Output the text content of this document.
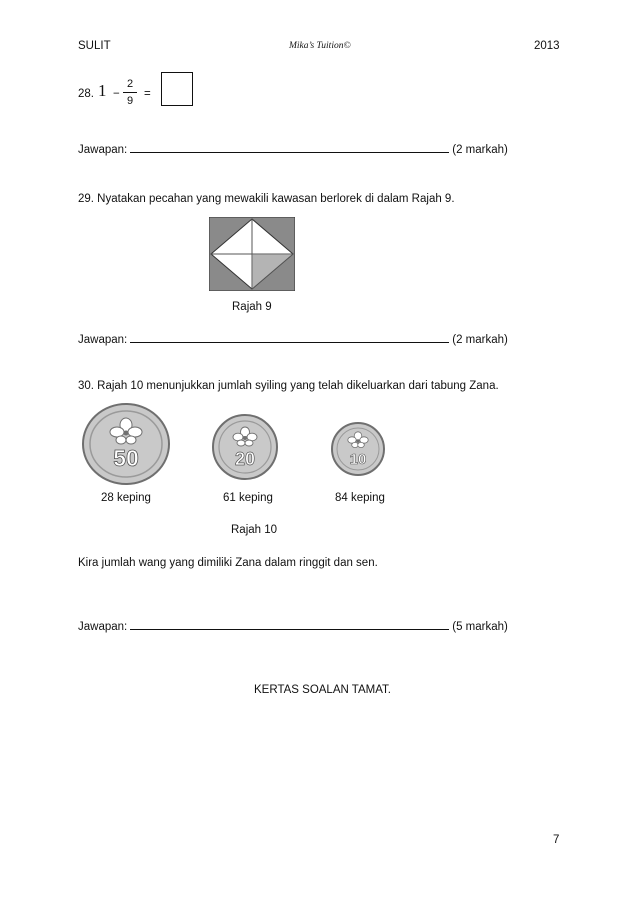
SULIT	Mika’s Tuition©	2013
28. 1 −
2
9
=
Jawapan:	(2 markah)
29. Nyatakan pecahan yang mewakili kawasan berlorek di dalam Rajah 9.
Rajah 9
Jawapan:	(2 markah)
30. Rajah 10 menunjukkan jumlah syiling yang telah dikeluarkan dari tabung Zana.
50	20	10
28 keping	61 keping	84 keping
Rajah 10
Kira jumlah wang yang dimiliki Zana dalam ringgit dan sen.
Jawapan:	(5 markah)
KERTAS SOALAN TAMAT.
7
